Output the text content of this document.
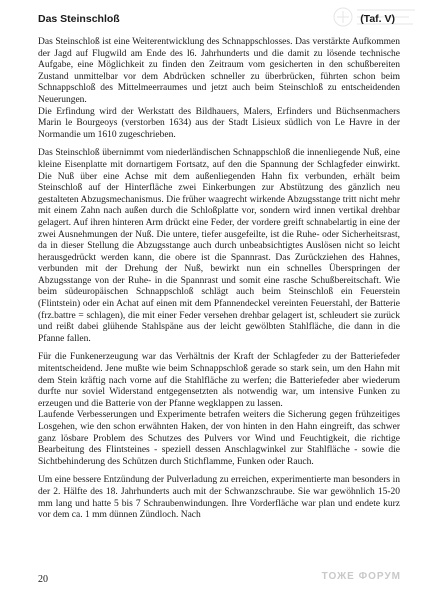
Das Steinschloß	(Taf. V)

Das Steinschloß ist eine Weiterentwicklung des Schnappschlosses. Das verstärkte Aufkommen der Jagd auf Flugwild am Ende des l6. Jahrhunderts und die damit zu lösende technische Aufgabe, eine Möglichkeit zu finden den Zeitraum vom gesicherten in den schußbereiten Zustand unmittelbar vor dem Abdrücken schneller zu überbrücken, führten schon beim Schnappschloß des Mittelmeerraumes und jetzt auch beim Steinschloß zu entscheidenden Neuerungen.

Die Erfindung wird der Werkstatt des Bildhauers, Malers, Erfinders und Büchsenmachers Marin le Bourgeoys (verstorben 1634) aus der Stadt Lisieux südlich von Le Havre in der Normandie um 1610 zugeschrieben.

Das Steinschloß übernimmt vom niederländischen Schnappschloß die innenliegende Nuß, eine kleine Eisenplatte mit dornartigem Fortsatz, auf den die Spannung der Schlagfeder einwirkt. Die Nuß über eine Achse mit dem außenliegenden Hahn fix verbunden, erhält beim Steinschloß auf der Hinterfläche zwei Einkerbungen zur Abstützung des gänzlich neu gestalteten Abzugsmechanismus. Die früher waagrecht wirkende Abzugsstange tritt nicht mehr mit einem Zahn nach außen durch die Schloßplatte vor, sondern wird innen vertikal drehbar gelagert. Auf ihren hinteren Arm drückt eine Feder, der vordere greift schnabelartig in eine der zwei Ausnehmungen der Nuß. Die untere, tiefer ausgefeilte, ist die Ruhe- oder Sicherheitsrast, da in dieser Stellung die Abzugsstange auch durch unbeabsichtigtes Auslösen nicht so leicht herausgedrückt werden kann, die obere ist die Spannrast. Das Zurückziehen des Hahnes, verbunden mit der Drehung der Nuß, bewirkt nun ein schnelles Überspringen der Abzugsstange von der Ruhe- in die Spannrast und somit eine rasche Schußbereitschaft. Wie beim südeuropäischen Schnappschloß schlägt auch beim Steinschloß ein Feuerstein (Flintstein) oder ein Achat auf einen mit dem Pfannendeckel vereinten Feuerstahl, der Batterie (frz.battre = schlagen), die mit einer Feder versehen drehbar gelagert ist, schleudert sie zurück und reißt dabei glühende Stahlspäne aus der leicht gewölbten Stahlfläche, die dann in die Pfanne fallen.

Für die Funkenerzeugung war das Verhältnis der Kraft der Schlagfeder zu der Batteriefeder mitentscheidend. Jene mußte wie beim Schnappschloß gerade so stark sein, um den Hahn mit dem Stein kräftig nach vorne auf die Stahlfläche zu werfen; die Batteriefeder aber wiederum durfte nur soviel Widerstand entgegensetzten als notwendig war, um intensive Funken zu erzeugen und die Batterie von der Pfanne wegklappen zu lassen.

Laufende Verbesserungen und Experimente betrafen weiters die Sicherung gegen frühzeitiges Losgehen, wie den schon erwähnten Haken, der von hinten in den Hahn eingreift, das schwer ganz lösbare Problem des Schutzes des Pulvers vor Wind und Feuchtigkeit, die richtige Bearbeitung des Flintsteines - speziell dessen Anschlagwinkel zur Stahlfläche - sowie die Sichtbehinderung des Schützen durch Stichflamme, Funken oder Rauch.

Um eine bessere Entzündung der Pulverladung zu erreichen, experimentierte man besonders in der 2. Hälfte des 18. Jahrhunderts auch mit der Schwanzschraube. Sie war gewöhnlich 15-20 mm lang und hatte 5 bis 7 Schraubenwindungen. Ihre Vorderfläche war plan und endete kurz vor dem ca. 1 mm dünnen Zündloch. Nach

20	ТОЖЕ ФОРУМ
